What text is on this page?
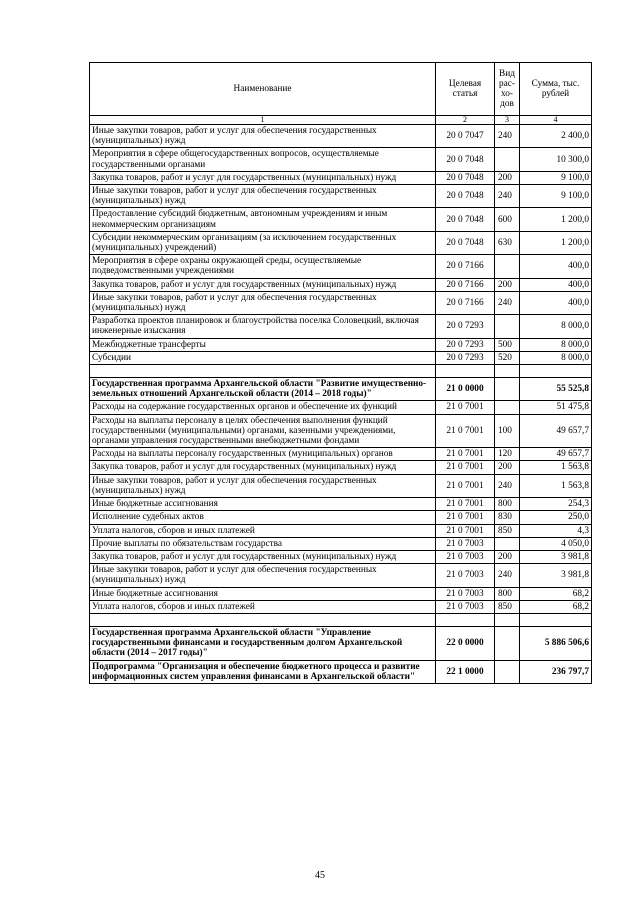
Наименование	Целевая статья	Вид рас-хо-дов	Сумма, тыс. рублей
1	2	3	4
Иные закупки товаров, работ и услуг для обеспечения государственных (муниципальных) нужд	20 0 7047	240	2 400,0
Мероприятия в сфере общегосударственных вопросов, осуществляемые государственными органами	20 0 7048		10 300,0
Закупка товаров, работ и услуг для государственных (муниципальных) нужд	20 0 7048	200	9 100,0
Иные закупки товаров, работ и услуг для обеспечения государственных (муниципальных) нужд	20 0 7048	240	9 100,0
Предоставление субсидий бюджетным, автономным учреждениям и иным некоммерческим организациям	20 0 7048	600	1 200,0
Субсидии некоммерческим организациям (за исключением государственных (муниципальных) учреждений)	20 0 7048	630	1 200,0
Мероприятия в сфере охраны окружающей среды, осуществляемые подведомственными учреждениями	20 0 7166		400,0
Закупка товаров, работ и услуг для государственных (муниципальных) нужд	20 0 7166	200	400,0
Иные закупки товаров, работ и услуг для обеспечения государственных (муниципальных) нужд	20 0 7166	240	400,0
Разработка проектов планировок и благоустройства поселка Соловецкий, включая инженерные изыскания	20 0 7293		8 000,0
Межбюджетные трансферты	20 0 7293	500	8 000,0
Субсидии	20 0 7293	520	8 000,0

Государственная программа Архангельской области "Развитие имущественно-земельных отношений Архангельской области (2014 – 2018 годы)"	21 0 0000		55 525,8
Расходы на содержание государственных органов и обеспечение их функций	21 0 7001		51 475,8
Расходы на выплаты персоналу в целях обеспечения выполнения функций государственными (муниципальными) органами, казенными учреждениями, органами управления государственными внебюджетными фондами	21 0 7001	100	49 657,7
Расходы на выплаты персоналу государственных (муниципальных) органов	21 0 7001	120	49 657,7
Закупка товаров, работ и услуг для государственных (муниципальных) нужд	21 0 7001	200	1 563,8
Иные закупки товаров, работ и услуг для обеспечения государственных (муниципальных) нужд	21 0 7001	240	1 563,8
Иные бюджетные ассигнования	21 0 7001	800	254,3
Исполнение судебных актов	21 0 7001	830	250,0
Уплата налогов, сборов и иных платежей	21 0 7001	850	4,3
Прочие выплаты по обязательствам государства	21 0 7003		4 050,0
Закупка товаров, работ и услуг для государственных (муниципальных) нужд	21 0 7003	200	3 981,8
Иные закупки товаров, работ и услуг для обеспечения государственных (муниципальных) нужд	21 0 7003	240	3 981,8
Иные бюджетные ассигнования	21 0 7003	800	68,2
Уплата налогов, сборов и иных платежей	21 0 7003	850	68,2

Государственная программа Архангельской области "Управление государственными финансами и государственным долгом Архангельской области (2014 – 2017 годы)"	22 0 0000		5 886 506,6
Подпрограмма "Организация и обеспечение бюджетного процесса и развитие информационных систем управления финансами в Архангельской области"	22 1 0000		236 797,7
45
